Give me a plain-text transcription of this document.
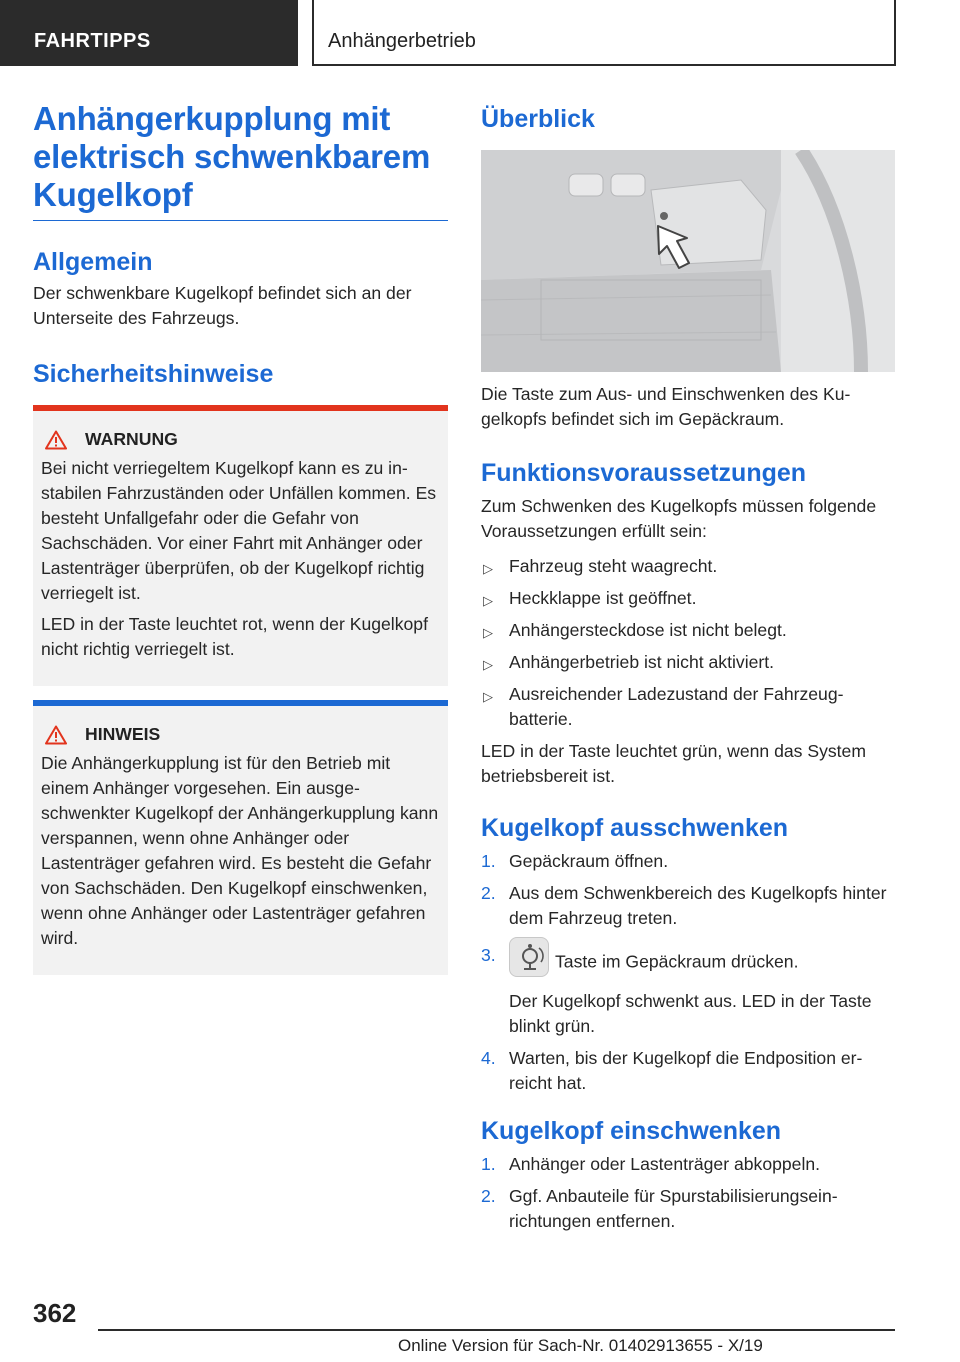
FAHRTIPPS	Anhängerbetrieb
Anhängerkupplung mit elektrisch schwenkbarem Kugelkopf
Allgemein

Der schwenkbare Kugelkopf befindet sich an der Unterseite des Fahrzeugs.

Sicherheitshinweise
WARNUNG

Bei nicht verriegeltem Kugelkopf kann es zu instabilen Fahrzuständen oder Unfällen kommen. Es besteht Unfallgefahr oder die Gefahr von Sachschäden. Vor einer Fahrt mit Anhänger oder Lastenträger überprüfen, ob der Kugelkopf richtig verriegelt ist.

LED in der Taste leuchtet rot, wenn der Kugelkopf nicht richtig verriegelt ist.

HINWEIS

Die Anhängerkupplung ist für den Betrieb mit einem Anhänger vorgesehen. Ein ausgeschwenkter Kugelkopf der Anhängerkupplung kann verspannen, wenn ohne Anhänger oder Lastenträger gefahren wird. Es besteht die Gefahr von Sachschäden. Den Kugelkopf einschwenken, wenn ohne Anhänger oder Lastenträger gefahren wird.

Überblick

Die Taste zum Aus- und Einschwenken des Kugelkopfs befindet sich im Gepäckraum.

Funktionsvoraussetzungen

Zum Schwenken des Kugelkopfs müssen folgende Voraussetzungen erfüllt sein:

▷ Fahrzeug steht waagrecht.
▷ Heckklappe ist geöffnet.
▷ Anhängersteckdose ist nicht belegt.
▷ Anhängerbetrieb ist nicht aktiviert.
▷ Ausreichender Ladezustand der Fahrzeugbatterie.

LED in der Taste leuchtet grün, wenn das System betriebsbereit ist.

Kugelkopf ausschwenken
1. Gepäckraum öffnen.
2. Aus dem Schwenkbereich des Kugelkopfs hinter dem Fahrzeug treten.
3.	Taste im Gepäckraum drücken.

Der Kugelkopf schwenkt aus. LED in der Taste blinkt grün.

4. Warten, bis der Kugelkopf die Endposition erreicht hat.
Kugelkopf einschwenken
1. Anhänger oder Lastenträger abkoppeln.
2. Ggf. Anbauteile für Spurstabilisierungseinrichtungen entfernen.
362
Online Version für Sach-Nr. 01402913655 - X/19
